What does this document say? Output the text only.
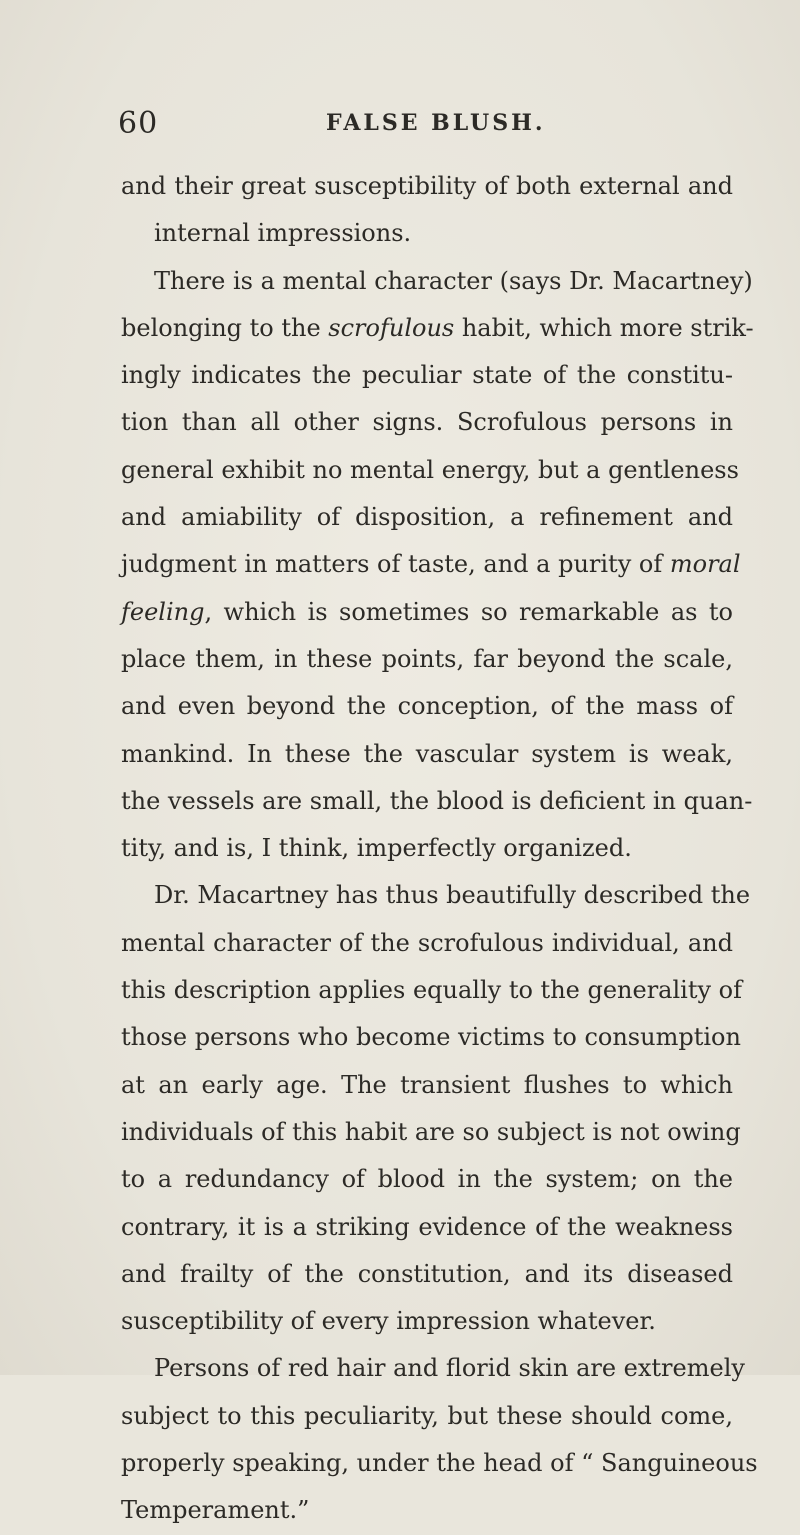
60	FALSE BLUSH.
and their great susceptibility of both external and
internal impressions.
There is a mental character (says Dr. Macartney)
belonging to the scrofulous habit, which more strik-
ingly indicates the peculiar state of the constitu-
tion than all other signs. Scrofulous persons in
general exhibit no mental energy, but a gentleness
and amiability of disposition, a refinement and
judgment in matters of taste, and a purity of moral
feeling, which is sometimes so remarkable as to
place them, in these points, far beyond the scale,
and even beyond the conception, of the mass of
mankind. In these the vascular system is weak,
the vessels are small, the blood is deficient in quan-
tity, and is, I think, imperfectly organized.
Dr. Macartney has thus beautifully described the
mental character of the scrofulous individual, and
this description applies equally to the generality of
those persons who become victims to consumption
at an early age. The transient flushes to which
individuals of this habit are so subject is not owing
to a redundancy of blood in the system; on the
contrary, it is a striking evidence of the weakness
and frailty of the constitution, and its diseased
susceptibility of every impression whatever.
Persons of red hair and florid skin are extremely
subject to this peculiarity, but these should come,
properly speaking, under the head of “ Sanguineous
Temperament.”
